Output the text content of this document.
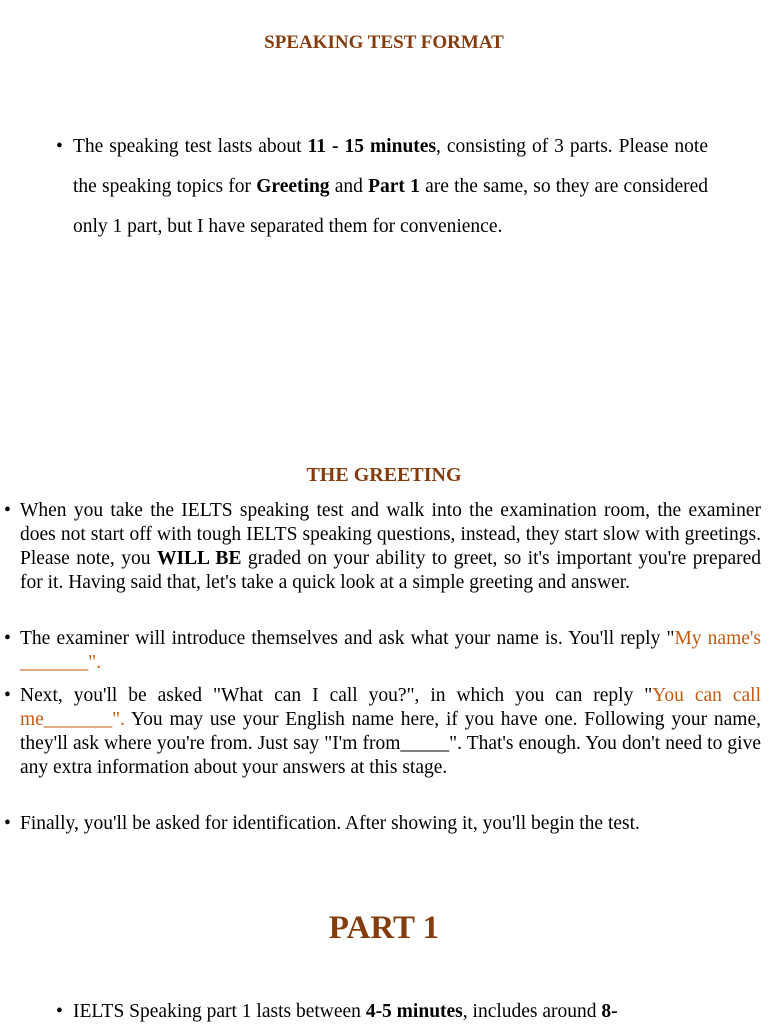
SPEAKING TEST FORMAT
• The speaking test lasts about 11 - 15 minutes, consisting of 3 parts. Please note the speaking topics for Greeting and Part 1 are the same, so they are considered only 1 part, but I have separated them for convenience.
THE GREETING
• When you take the IELTS speaking test and walk into the examination room, the examiner does not start off with tough IELTS speaking questions, instead, they start slow with greetings. Please note, you WILL BE graded on your ability to greet, so it's important you're prepared for it. Having said that, let's take a quick look at a simple greeting and answer.
• The examiner will introduce themselves and ask what your name is. You'll reply "My name's _______".
• Next, you'll be asked "What can I call you?", in which you can reply "You can call me_______". You may use your English name here, if you have one. Following your name, they'll ask where you're from. Just say "I'm from_____". That's enough. You don't need to give any extra information about your answers at this stage.
• Finally, you'll be asked for identification. After showing it, you'll begin the test.
PART 1
• IELTS Speaking part 1 lasts between 4-5 minutes, includes around 8-
